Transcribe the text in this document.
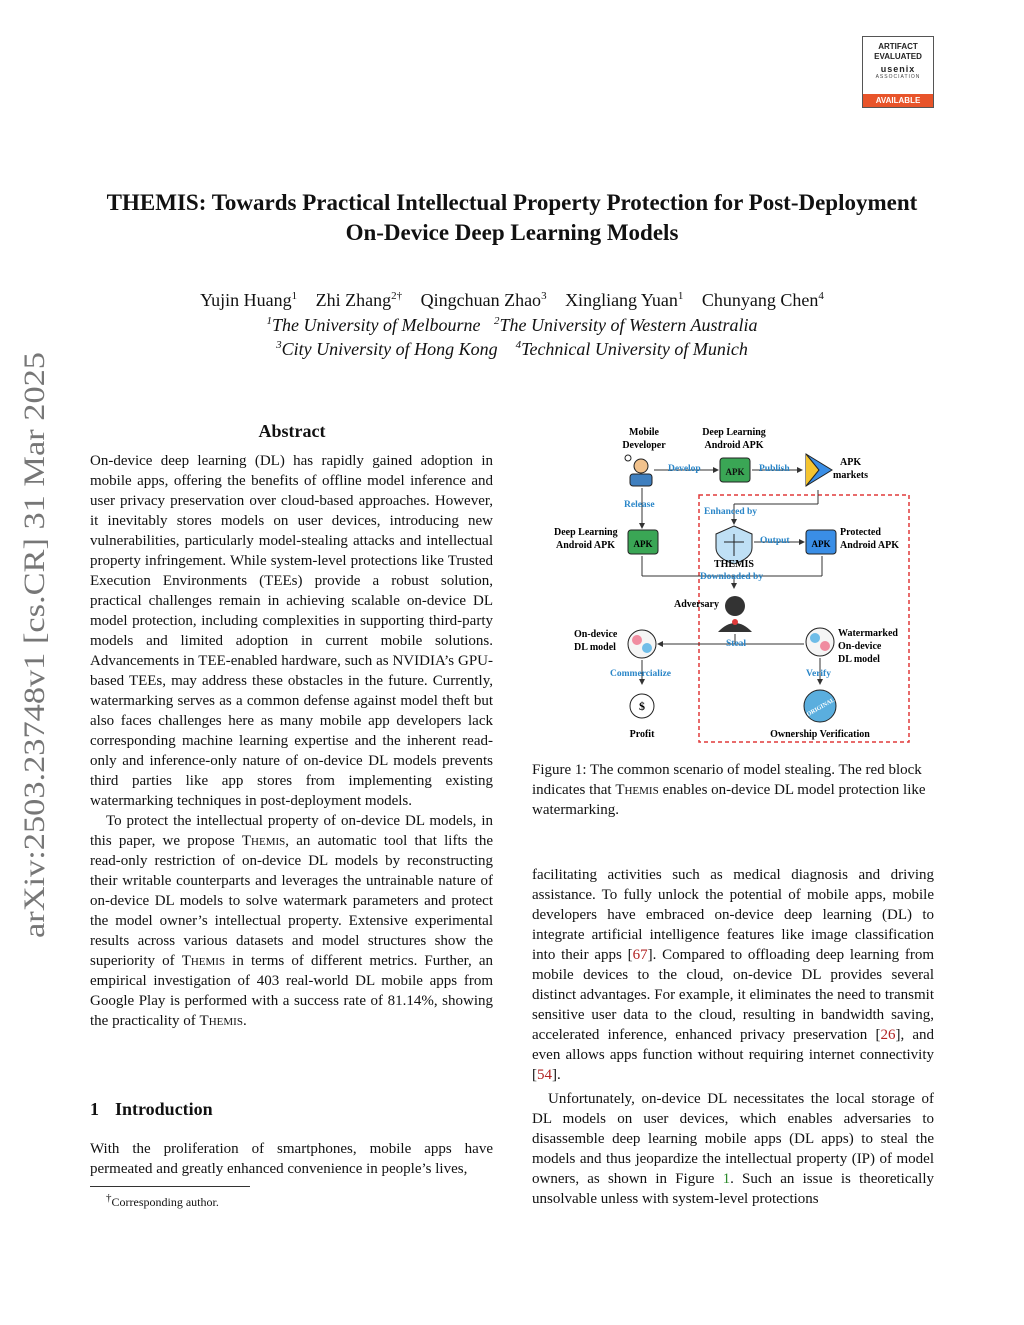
arXiv:2503.23748v1 [cs.CR] 31 Mar 2025
ARTIFACT
EVALUATED
usenix
ASSOCIATION
AVAILABLE
THEMIS: Towards Practical Intellectual Property Protection for Post-Deployment
On-Device Deep Learning Models
Yujin Huang$^1$ Zhi Zhang$^{2\dagger}$ Qingchuan Zhao$^3$ Xingliang Yuan$^1$ Chunyang Chen$^4$
$^1$The University of Melbourne $^2$The University of Western Australia
$^3$City University of Hong Kong $^4$Technical University of Munich
Abstract

On-device deep learning (DL) has rapidly gained adoption in mobile apps, offering the benefits of offline model inference and user privacy preservation over cloud-based approaches. However, it inevitably stores models on user devices, introducing new vulnerabilities, particularly model-stealing attacks and intellectual property infringement. While system-level protections like Trusted Execution Environments (TEEs) provide a robust solution, practical challenges remain in achieving scalable on-device DL model protection, including complexities in supporting third-party models and limited adoption in current mobile solutions. Advancements in TEE-enabled hardware, such as NVIDIA’s GPU-based TEEs, may address these obstacles in the future. Currently, watermarking serves as a common defense against model theft but also faces challenges here as many mobile app developers lack corresponding machine learning expertise and the inherent read-only and inference-only nature of on-device DL models prevents third parties like app stores from implementing existing watermarking techniques in post-deployment models.

To protect the intellectual property of on-device DL models, in this paper, we propose Themis, an automatic tool that lifts the read-only restriction of on-device DL models by reconstructing their writable counterparts and leverages the untrainable nature of on-device DL models to solve watermark parameters and protect the model owner’s intellectual property. Extensive experimental results across various datasets and model structures show the superiority of Themis in terms of different metrics. Further, an empirical investigation of 403 real-world DL mobile apps from Google Play is performed with a success rate of 81.14%, showing the practicality of Themis.

1 Introduction
With the proliferation of smartphones, mobile apps have permeated and greatly enhanced convenience in people’s lives,
†Corresponding author.
Mobile
Developer
APK
Deep Learning
Android APK
APK
markets
Develop	Publish
Release
Enhanced by
APK
Deep Learning
Android APK
THEMIS
Output APK
Protected
Android APK
Downloaded by
Adversary
On-device
DL model	Steal
Watermarked
On-device
DL model
Commercialize	Verify
$
Profit
ORIGINAL
Ownership Verification
Figure 1: The common scenario of model stealing. The red block indicates that Themis enables on-device DL model protection like watermarking.

facilitating activities such as medical diagnosis and driving assistance. To fully unlock the potential of mobile apps, mobile developers have embraced on-device deep learning (DL) to integrate artificial intelligence features like image classification into their apps [67]. Compared to offloading deep learning from mobile devices to the cloud, on-device DL provides several distinct advantages. For example, it eliminates the need to transmit sensitive user data to the cloud, resulting in bandwidth saving, accelerated inference, enhanced privacy preservation [26], and even allows apps function without requiring internet connectivity [54].

Unfortunately, on-device DL necessitates the local storage of DL models on user devices, which enables adversaries to disassemble deep learning mobile apps (DL apps) to steal the models and thus jeopardize the intellectual property (IP) of model owners, as shown in Figure 1. Such an issue is theoretically unsolvable unless with system-level protections
